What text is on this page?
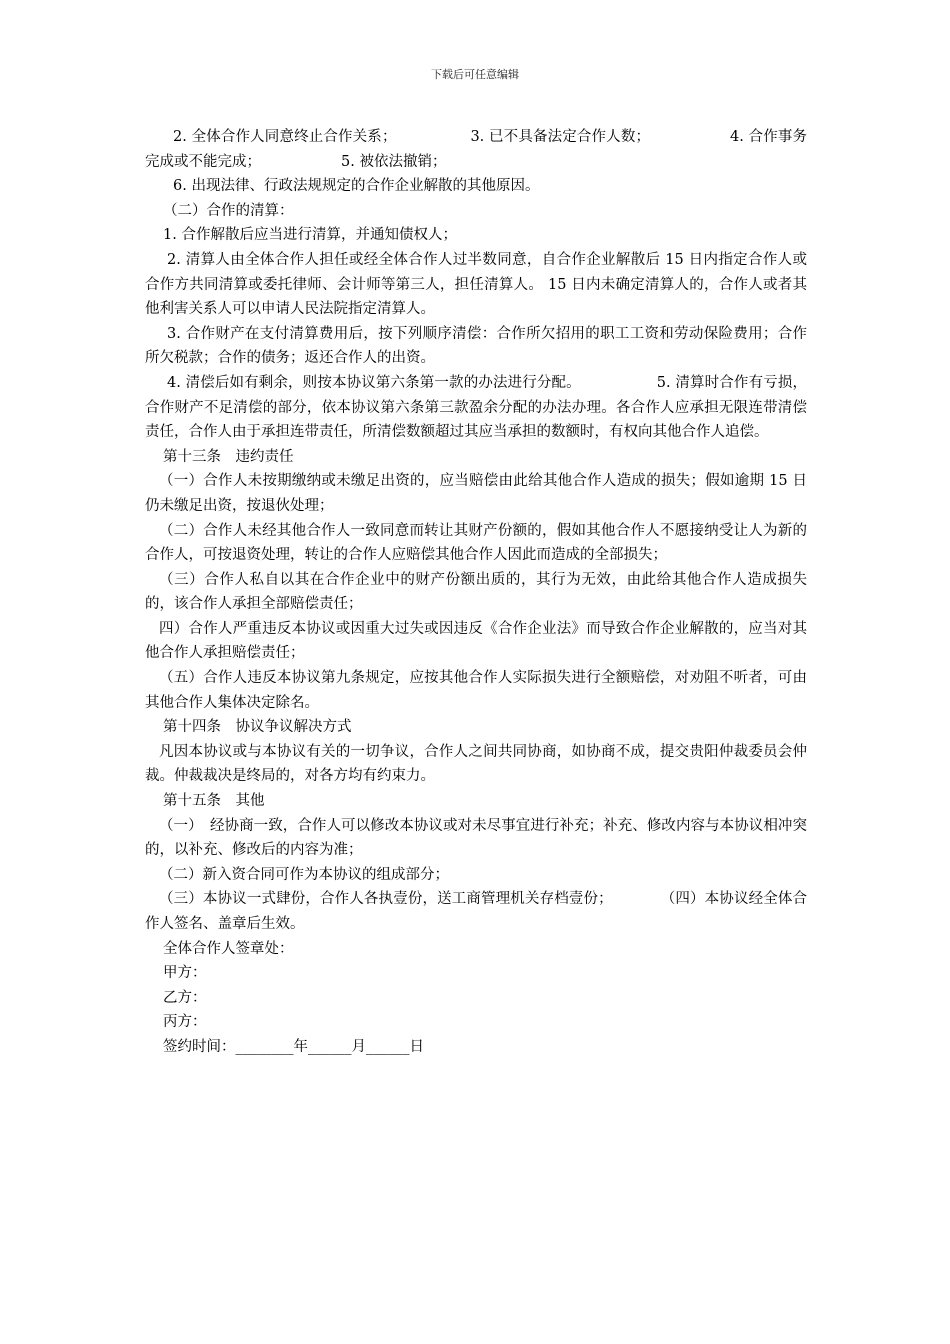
下载后可任意编辑

2. 全体合作人同意终止合作关系；	3. 已不具备法定合作人数；	4. 合作事务完成或不能完成；	5. 被依法撤销；

6. 出现法律、行政法规规定的合作企业解散的其他原因。

（二）合作的清算：

1. 合作解散后应当进行清算，并通知债权人；

2. 清算人由全体合作人担任或经全体合作人过半数同意，自合作企业解散后 15 日内指定合作人或合作方共同清算或委托律师、会计师等第三人，担任清算人。 15 日内未确定清算人的，合作人或者其他利害关系人可以申请人民法院指定清算人。

3. 合作财产在支付清算费用后，按下列顺序清偿：合作所欠招用的职工工资和劳动保险费用；合作所欠税款；合作的债务；返还合作人的出资。

4. 清偿后如有剩余，则按本协议第六条第一款的办法进行分配。	5. 清算时合作有亏损，合作财产不足清偿的部分，依本协议第六条第三款盈余分配的办法办理。各合作人应承担无限连带清偿责任，合作人由于承担连带责任，所清偿数额超过其应当承担的数额时，有权向其他合作人追偿。

第十三条　违约责任

（一）合作人未按期缴纳或未缴足出资的，应当赔偿由此给其他合作人造成的损失；假如逾期 15 日仍未缴足出资，按退伙处理；

（二）合作人未经其他合作人一致同意而转让其财产份额的，假如其他合作人不愿接纳受让人为新的合作人，可按退资处理，转让的合作人应赔偿其他合作人因此而造成的全部损失；

（三）合作人私自以其在合作企业中的财产份额出质的，其行为无效，由此给其他合作人造成损失的，该合作人承担全部赔偿责任；

四）合作人严重违反本协议或因重大过失或因违反《合作企业法》而导致合作企业解散的，应当对其他合作人承担赔偿责任；

（五）合作人违反本协议第九条规定，应按其他合作人实际损失进行全额赔偿，对劝阻不听者，可由其他合作人集体决定除名。

第十四条　协议争议解决方式

凡因本协议或与本协议有关的一切争议，合作人之间共同协商，如协商不成，提交贵阳仲裁委员会仲裁。仲裁裁决是终局的，对各方均有约束力。

第十五条　其他

（一）　经协商一致，合作人可以修改本协议或对未尽事宜进行补充；补充、修改内容与本协议相冲突的，以补充、修改后的内容为准；

（二）新入资合同可作为本协议的组成部分；

（三）本协议一式肆份，合作人各执壹份，送工商管理机关存档壹份；	（四）本协议经全体合作人签名、盖章后生效。

全体合作人签章处：

甲方：

乙方：

丙方：

签约时间：________年______月______日
